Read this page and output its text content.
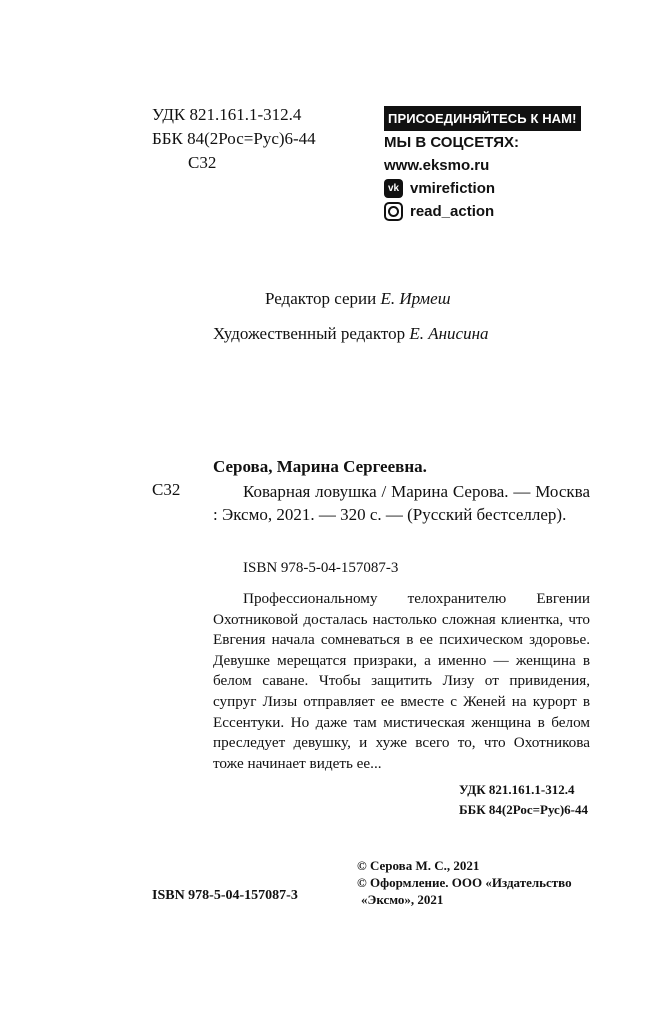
УДК 821.161.1-312.4
ББК 84(2Рос=Рус)6-44
С32
ПРИСОЕДИНЯЙТЕСЬ К НАМ!
МЫ В СОЦСЕТЯХ:
www.eksmo.ru
vk vmirefiction
read_action
Редактор серии Е. Ирмеш
Художественный редактор Е. Анисина
Серова, Марина Сергеевна.
С32	Коварная ловушка / Марина Серова. — Москва : Эксмо, 2021. — 320 с. — (Русский бестселлер).
ISBN 978-5-04-157087-3

Профессиональному телохранителю Евгении Охотниковой досталась настолько сложная клиентка, что Евгения начала сомневаться в ее психическом здоровье. Девушке мерещатся призраки, а именно — женщина в белом саване. Чтобы защитить Лизу от привидения, супруг Лизы отправляет ее вместе с Женей на курорт в Ессентуки. Но даже там мистическая женщина в белом преследует девушку, и хуже всего то, что Охотникова тоже начинает видеть ее...

УДК 821.161.1-312.4
ББК 84(2Рос=Рус)6-44
ISBN 978-5-04-157087-3
© Серова М. С., 2021
© Оформление. ООО «Издательство
«Эксмо», 2021
